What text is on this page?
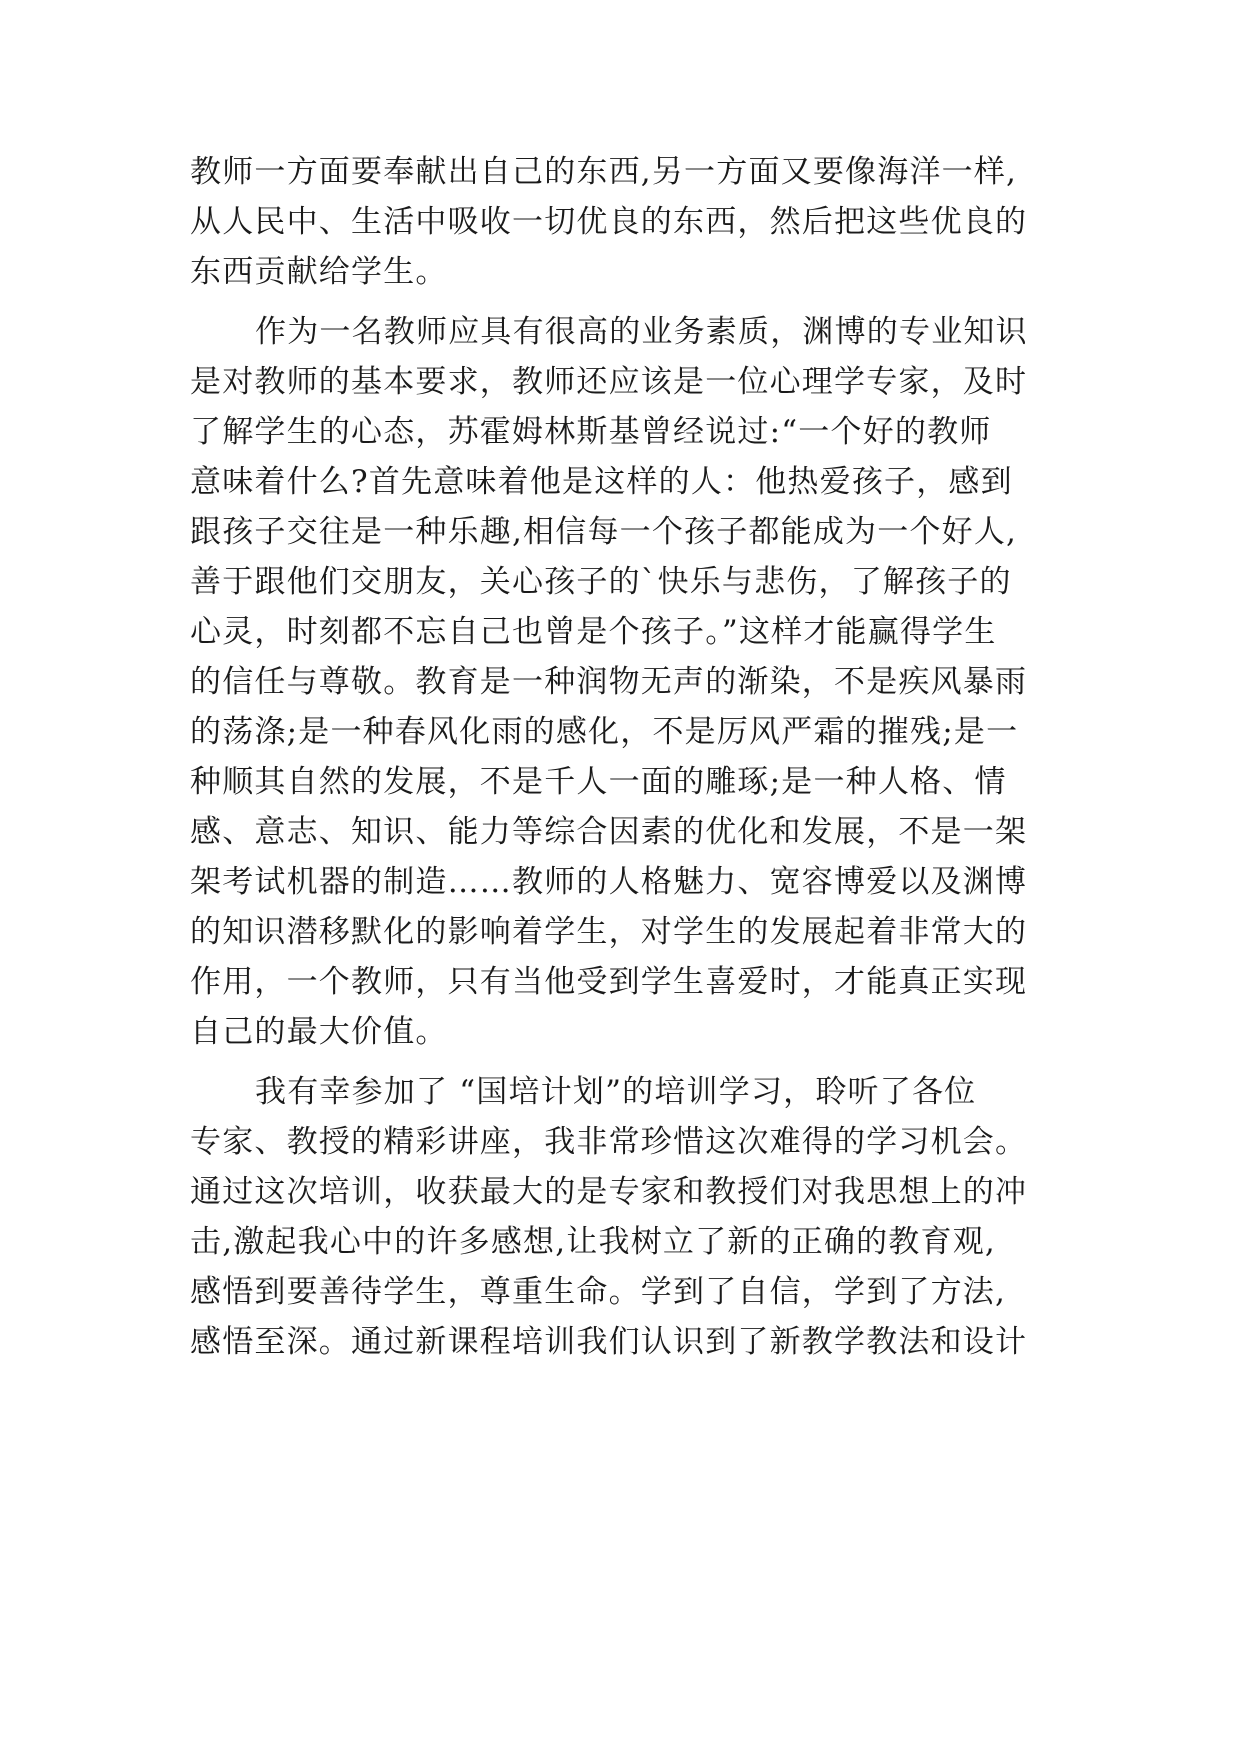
教师一方面要奉献出自己的东西,另一方面又要像海洋一样,

从人民中、生活中吸收一切优良的东西，然后把这些优良的

东西贡献给学生。

作为一名教师应具有很高的业务素质，渊博的专业知识

是对教师的基本要求，教师还应该是一位心理学专家，及时

了解学生的心态，苏霍姆林斯基曾经说过:“一个好的教师

意味着什么?首先意味着他是这样的人：他热爱孩子，感到

跟孩子交往是一种乐趣,相信每一个孩子都能成为一个好人,

善于跟他们交朋友，关心孩子的`快乐与悲伤，了解孩子的

心灵，时刻都不忘自己也曾是个孩子。”这样才能赢得学生

的信任与尊敬。教育是一种润物无声的渐染，不是疾风暴雨

的荡涤;是一种春风化雨的感化，不是厉风严霜的摧残;是一

种顺其自然的发展，不是千人一面的雕琢;是一种人格、情

感、意志、知识、能力等综合因素的优化和发展，不是一架

架考试机器的制造……教师的人格魅力、宽容博爱以及渊博

的知识潜移默化的影响着学生，对学生的发展起着非常大的

作用，一个教师，只有当他受到学生喜爱时，才能真正实现

自己的最大价值。

我有幸参加了 “国培计划”的培训学习，聆听了各位

专家、教授的精彩讲座，我非常珍惜这次难得的学习机会。

通过这次培训，收获最大的是专家和教授们对我思想上的冲

击,激起我心中的许多感想,让我树立了新的正确的教育观,

感悟到要善待学生，尊重生命。学到了自信，学到了方法,

感悟至深。通过新课程培训我们认识到了新教学教法和设计
